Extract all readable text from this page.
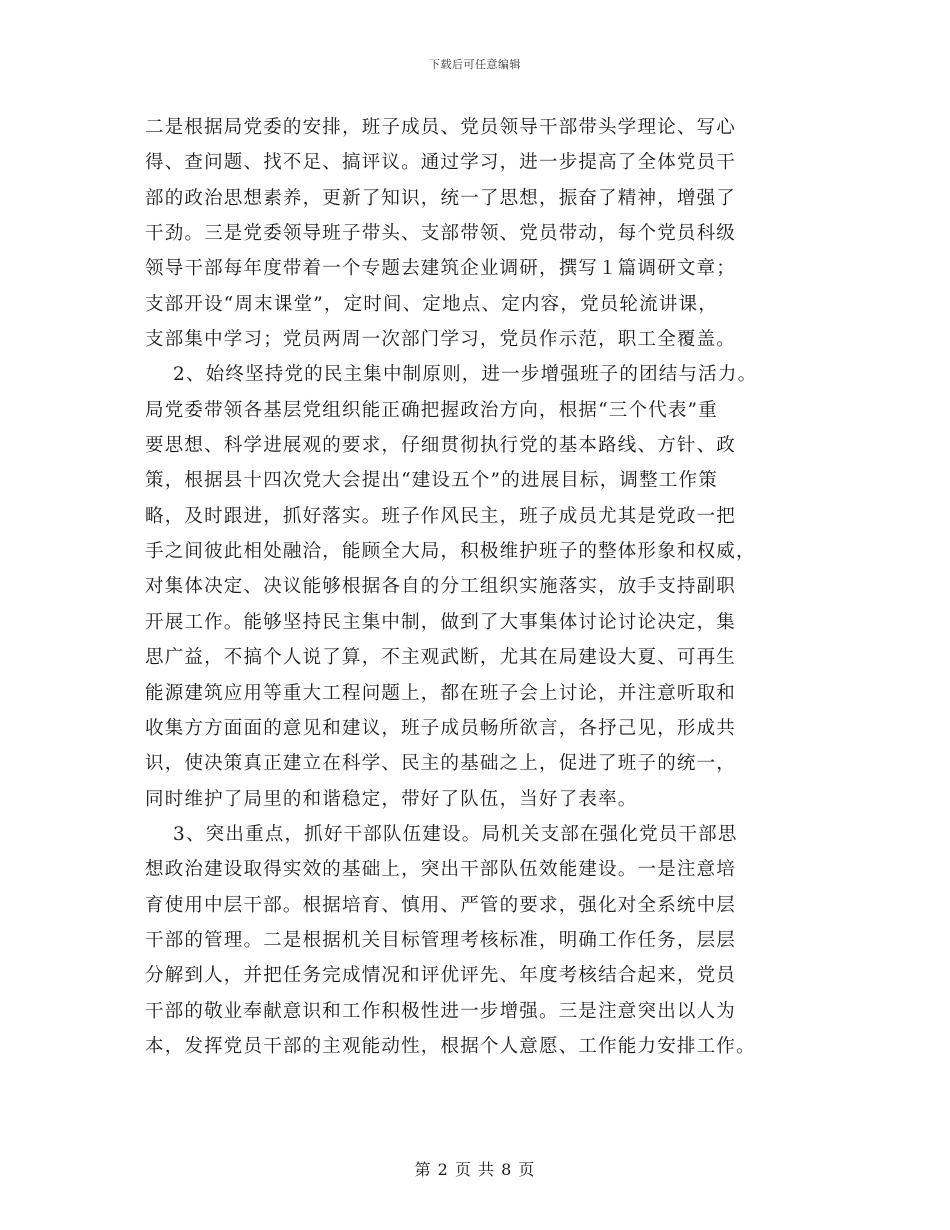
下载后可任意编辑
二是根据局党委的安排，班子成员、党员领导干部带头学理论、写心
得、查问题、找不足、搞评议。通过学习，进一步提高了全体党员干
部的政治思想素养，更新了知识，统一了思想，振奋了精神，增强了
干劲。三是党委领导班子带头、支部带领、党员带动，每个党员科级
领导干部每年度带着一个专题去建筑企业调研，撰写１篇调研文章；
支部开设“周末课堂”，定时间、定地点、定内容，党员轮流讲课，
支部集中学习；党员两周一次部门学习，党员作示范，职工全覆盖。
2、始终坚持党的民主集中制原则，进一步增强班子的团结与活力。
局党委带领各基层党组织能正确把握政治方向，根据“三个代表”重
要思想、科学进展观的要求，仔细贯彻执行党的基本路线、方针、政
策，根据县十四次党大会提出“建设五个”的进展目标，调整工作策
略，及时跟进，抓好落实。班子作风民主，班子成员尤其是党政一把
手之间彼此相处融洽，能顾全大局，积极维护班子的整体形象和权威，
对集体决定、决议能够根据各自的分工组织实施落实，放手支持副职
开展工作。能够坚持民主集中制，做到了大事集体讨论讨论决定，集
思广益，不搞个人说了算，不主观武断，尤其在局建设大夏、可再生
能源建筑应用等重大工程问题上，都在班子会上讨论，并注意听取和
收集方方面面的意见和建议，班子成员畅所欲言，各抒己见，形成共
识，使决策真正建立在科学、民主的基础之上，促进了班子的统一，
同时维护了局里的和谐稳定，带好了队伍，当好了表率。
3、突出重点，抓好干部队伍建设。局机关支部在强化党员干部思
想政治建设取得实效的基础上，突出干部队伍效能建设。一是注意培
育使用中层干部。根据培育、慎用、严管的要求，强化对全系统中层
干部的管理。二是根据机关目标管理考核标准，明确工作任务，层层
分解到人，并把任务完成情况和评优评先、年度考核结合起来，党员
干部的敬业奉献意识和工作积极性进一步增强。三是注意突出以人为
本，发挥党员干部的主观能动性，根据个人意愿、工作能力安排工作。
第 2 页 共 8 页
